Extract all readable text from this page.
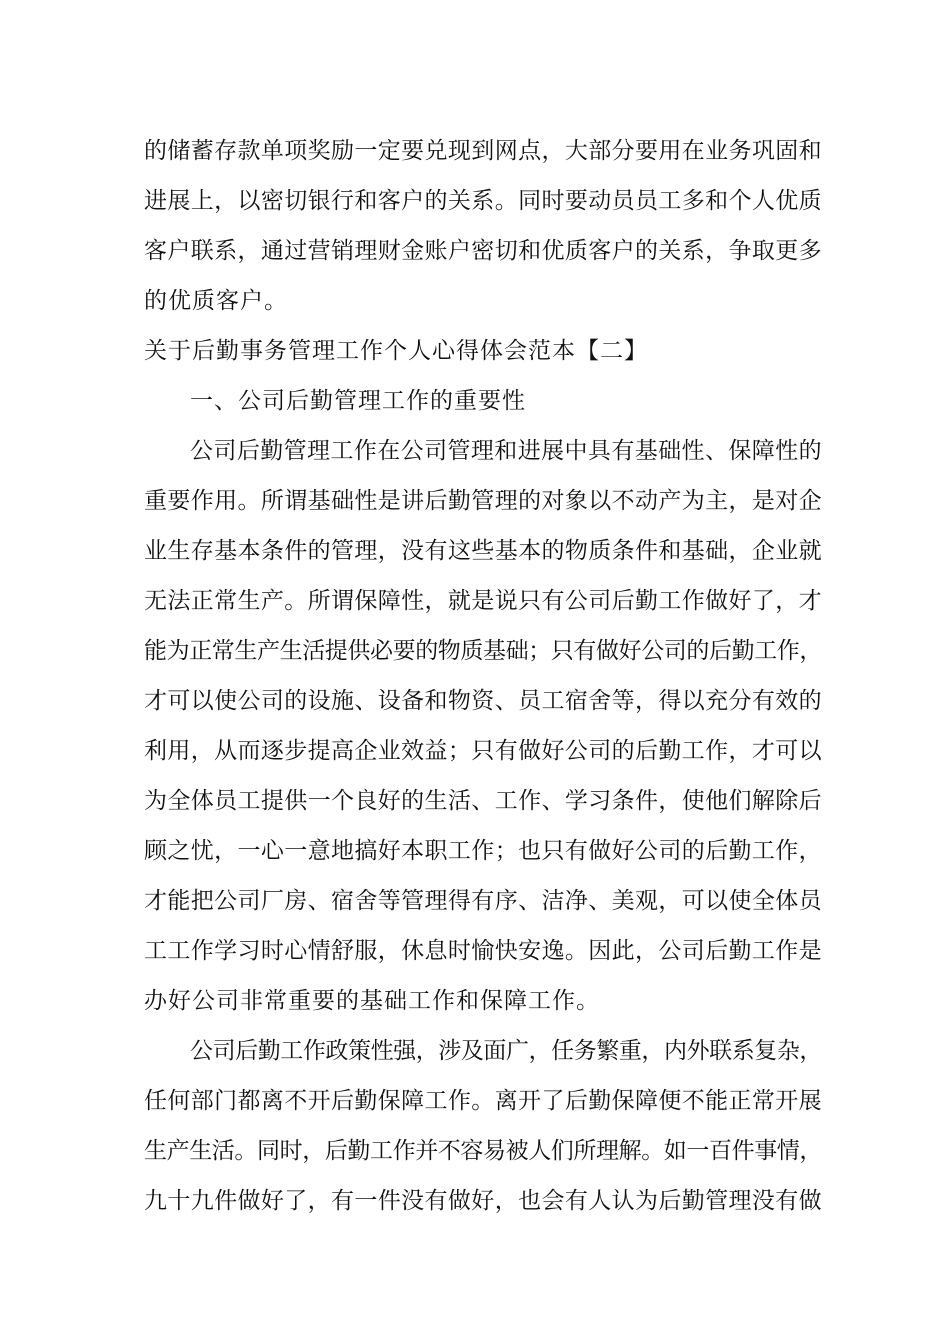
的储蓄存款单项奖励一定要兑现到网点，大部分要用在业务巩固和
进展上，以密切银行和客户的关系。同时要动员员工多和个人优质
客户联系，通过营销理财金账户密切和优质客户的关系，争取更多
的优质客户。
关于后勤事务管理工作个人心得体会范本【二】
一、公司后勤管理工作的重要性
公司后勤管理工作在公司管理和进展中具有基础性、保障性的
重要作用。所谓基础性是讲后勤管理的对象以不动产为主，是对企
业生存基本条件的管理，没有这些基本的物质条件和基础，企业就
无法正常生产。所谓保障性，就是说只有公司后勤工作做好了，才
能为正常生产生活提供必要的物质基础；只有做好公司的后勤工作，
才可以使公司的设施、设备和物资、员工宿舍等，得以充分有效的
利用，从而逐步提高企业效益；只有做好公司的后勤工作，才可以
为全体员工提供一个良好的生活、工作、学习条件，使他们解除后
顾之忧，一心一意地搞好本职工作；也只有做好公司的后勤工作，
才能把公司厂房、宿舍等管理得有序、洁净、美观，可以使全体员
工工作学习时心情舒服，休息时愉快安逸。因此，公司后勤工作是
办好公司非常重要的基础工作和保障工作。
公司后勤工作政策性强，涉及面广，任务繁重，内外联系复杂，
任何部门都离不开后勤保障工作。离开了后勤保障便不能正常开展
生产生活。同时，后勤工作并不容易被人们所理解。如一百件事情，
九十九件做好了，有一件没有做好，也会有人认为后勤管理没有做
